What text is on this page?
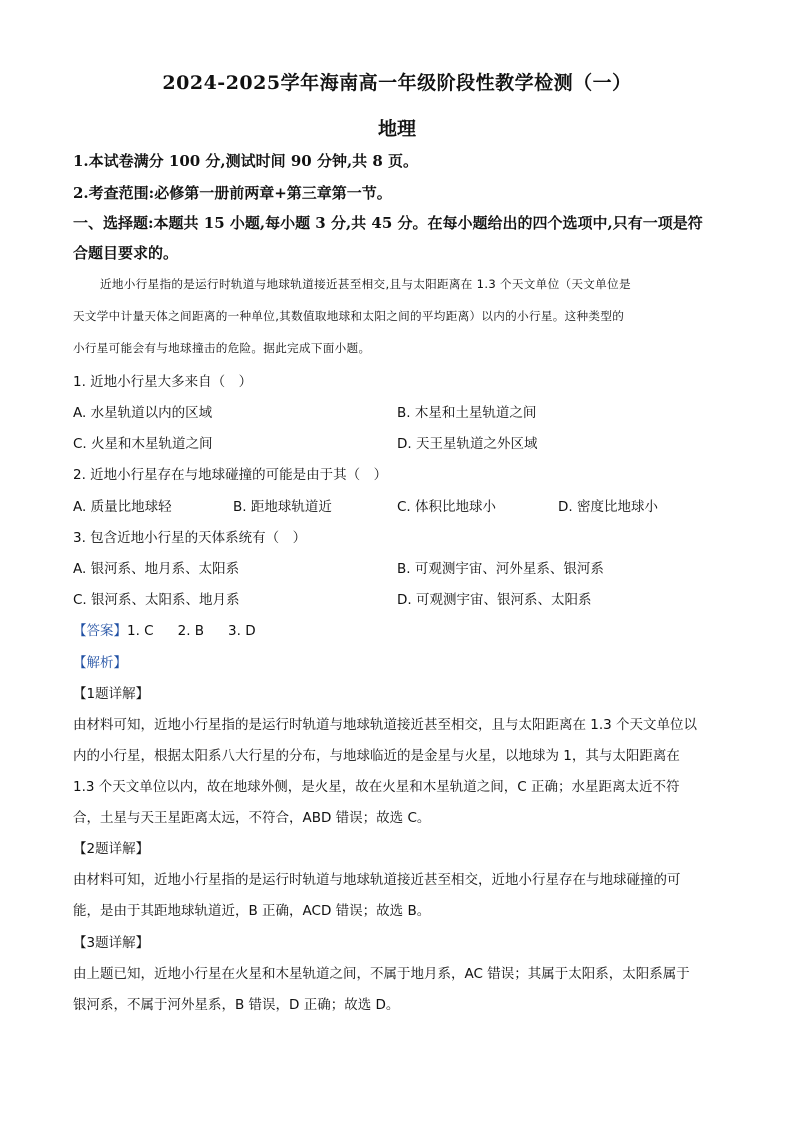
2024-2025学年海南高一年级阶段性教学检测（一）
地理
1.本试卷满分 100 分,测试时间 90 分钟,共 8 页。
2.考查范围:必修第一册前两章+第三章第一节。
一、选择题:本题共 15 小题,每小题 3 分,共 45 分。在每小题给出的四个选项中,只有一项是符
合题目要求的。
近地小行星指的是运行时轨道与地球轨道接近甚至相交,且与太阳距离在 1.3 个天文单位（天文单位是
天文学中计量天体之间距离的一种单位,其数值取地球和太阳之间的平均距离）以内的小行星。这种类型的
小行星可能会有与地球撞击的危险。据此完成下面小题。
1. 近地小行星大多来自（　）
A. 水星轨道以内的区域	B. 木星和土星轨道之间
C. 火星和木星轨道之间	D. 天王星轨道之外区域
2. 近地小行星存在与地球碰撞的可能是由于其（　）
A. 质量比地球轻	B. 距地球轨道近	C. 体积比地球小	D. 密度比地球小
3. 包含近地小行星的天体系统有（　）
A. 银河系、地月系、太阳系	B. 可观测宇宙、河外星系、银河系
C. 银河系、太阳系、地月系	D. 可观测宇宙、银河系、太阳系
【答案】1. C 2. B 3. D
【解析】
【1题详解】
由材料可知，近地小行星指的是运行时轨道与地球轨道接近甚至相交，且与太阳距离在 1.3 个天文单位以
内的小行星，根据太阳系八大行星的分布，与地球临近的是金星与火星，以地球为 1，其与太阳距离在
1.3 个天文单位以内，故在地球外侧，是火星，故在火星和木星轨道之间，C 正确；水星距离太近不符
合，土星与天王星距离太远，不符合，ABD 错误；故选 C。
【2题详解】
由材料可知，近地小行星指的是运行时轨道与地球轨道接近甚至相交，近地小行星存在与地球碰撞的可
能，是由于其距地球轨道近，B 正确，ACD 错误；故选 B。
【3题详解】
由上题已知，近地小行星在火星和木星轨道之间，不属于地月系，AC 错误；其属于太阳系，太阳系属于
银河系，不属于河外星系，B 错误，D 正确；故选 D。
